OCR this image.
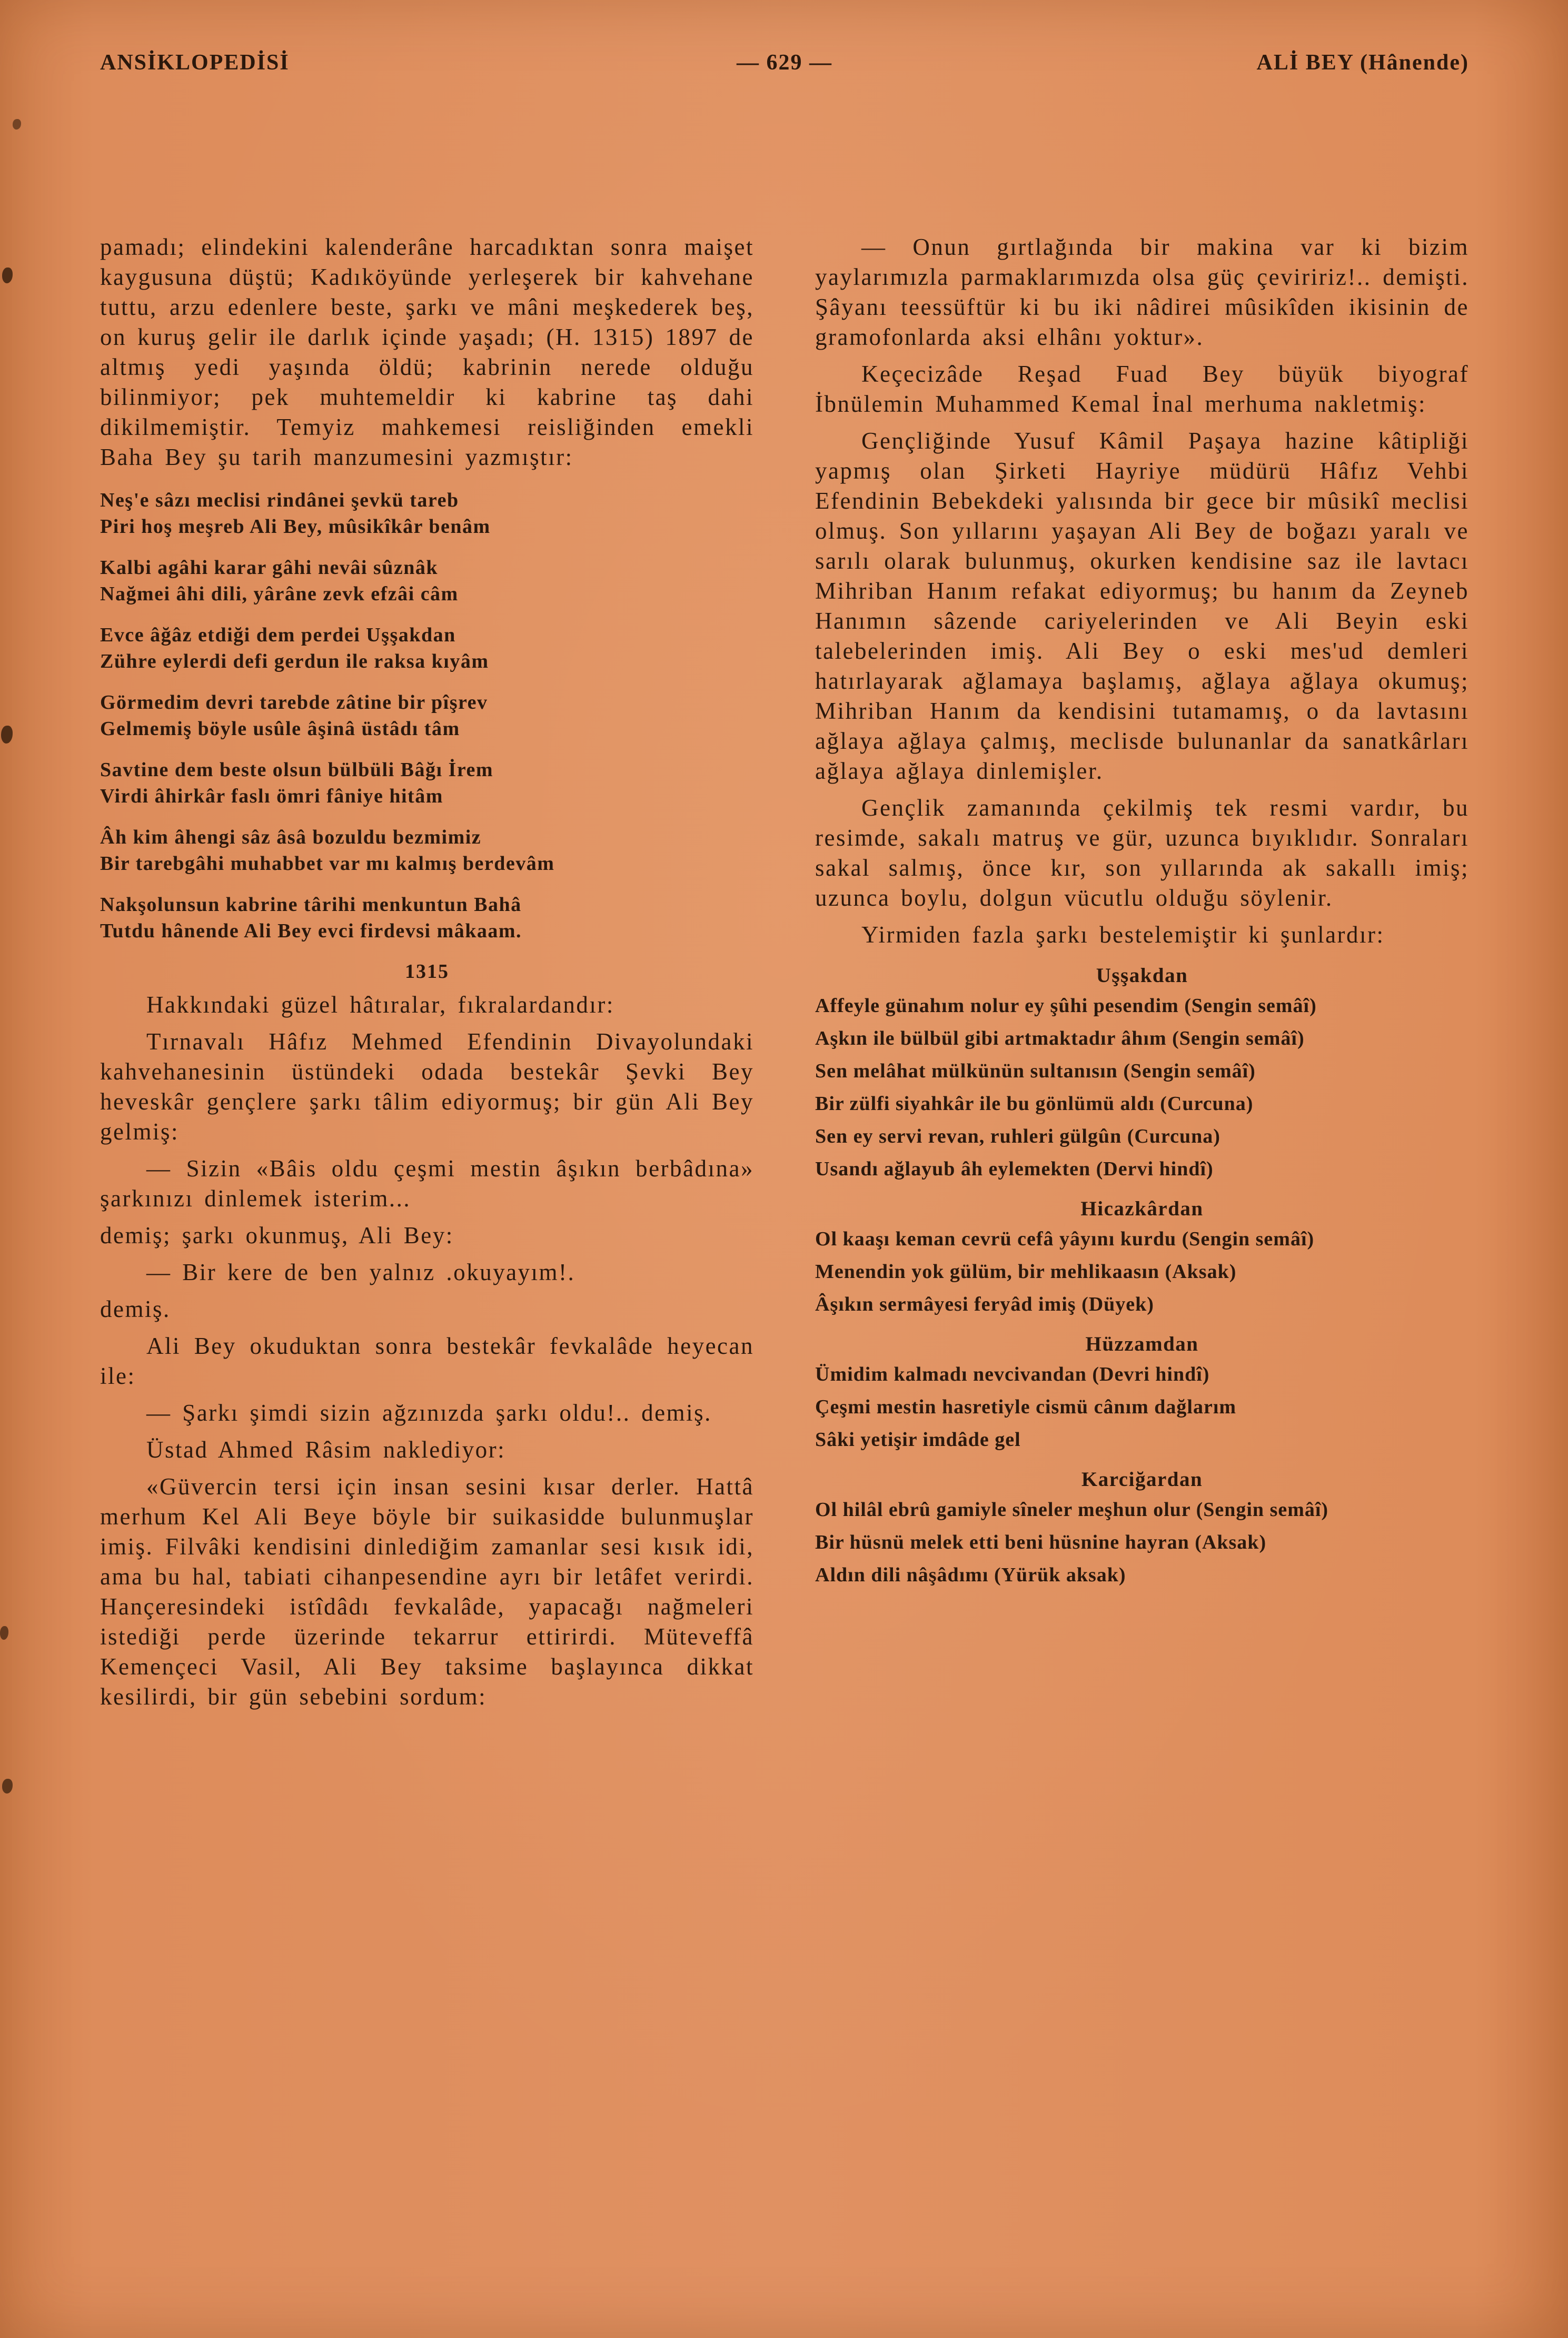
ANSİKLOPEDİSİ	— 629 —	ALİ BEY (Hânende)
pamadı; elindekini kalenderâne harcadıktan sonra maişet kaygusuna düştü; Kadıköyünde yerleşerek bir kahvehane tuttu, arzu edenlere beste, şarkı ve mâni meşkederek beş, on kuruş gelir ile darlık içinde yaşadı; (H. 1315) 1897 de altmış yedi yaşında öldü; kabrinin nerede olduğu bilinmiyor; pek muhtemeldir ki kabrine taş dahi dikilmemiştir. Temyiz mahkemesi reisliğinden emekli Baha Bey şu tarih manzumesini yazmıştır:
Neş'e sâzı meclisi rindânei şevkü tareb
Piri hoş meşreb Ali Bey, mûsikîkâr benâm
Kalbi agâhi karar gâhi nevâi sûznâk
Nağmei âhi dili, yârâne zevk efzâi câm
Evce âğâz etdiği dem perdei Uşşakdan
Zühre eylerdi defi gerdun ile raksa kıyâm
Görmedim devri tarebde zâtine bir pîşrev
Gelmemiş böyle usûle âşinâ üstâdı tâm
Savtine dem beste olsun bülbüli Bâğı İrem
Virdi âhirkâr faslı ömri fâniye hitâm
Âh kim âhengi sâz âsâ bozuldu bezmimiz
Bir tarebgâhi muhabbet var mı kalmış berdevâm
Nakşolunsun kabrine târihi menkuntun Bahâ
Tutdu hânende Ali Bey evci firdevsi mâkaam.
1315
Hakkındaki güzel hâtıralar, fıkralardandır:
Tırnavalı Hâfız Mehmed Efendinin Divayolundaki kahvehanesinin üstündeki odada bestekâr Şevki Bey heveskâr gençlere şarkı tâlim ediyormuş; bir gün Ali Bey gelmiş:
— Sizin «Bâis oldu çeşmi mestin âşıkın berbâdına» şarkınızı dinlemek isterim...
demiş; şarkı okunmuş, Ali Bey:
— Bir kere de ben yalnız .okuyayım!.
demiş.
Ali Bey okuduktan sonra bestekâr fevkalâde heyecan ile:
— Şarkı şimdi sizin ağzınızda şarkı oldu!.. demiş.
Üstad Ahmed Râsim naklediyor:
«Güvercin tersi için insan sesini kısar derler. Hattâ merhum Kel Ali Beye böyle bir suikasidde bulunmuşlar imiş. Filvâki kendisini dinlediğim zamanlar sesi kısık idi, ama bu hal, tabiati cihanpesendine ayrı bir letâfet verirdi. Hançeresindeki istîdâdı fevkalâde, yapacağı nağmeleri istediği perde üzerinde tekarrur ettirirdi. Müteveffâ Kemençeci Vasil, Ali Bey taksime başlayınca dikkat kesilirdi, bir gün sebebini sordum:
— Onun gırtlağında bir makina var ki bizim yaylarımızla parmaklarımızda olsa güç çeviririz!.. demişti. Şâyanı teessüftür ki bu iki nâdirei mûsikîden ikisinin de gramofonlarda aksi elhânı yoktur».
Keçecizâde Reşad Fuad Bey büyük biyograf İbnülemin Muhammed Kemal İnal merhuma nakletmiş:
Gençliğinde Yusuf Kâmil Paşaya hazine kâtipliği yapmış olan Şirketi Hayriye müdürü Hâfız Vehbi Efendinin Bebekdeki yalısında bir gece bir mûsikî meclisi olmuş. Son yıllarını yaşayan Ali Bey de boğazı yaralı ve sarılı olarak bulunmuş, okurken kendisine saz ile lavtacı Mihriban Hanım refakat ediyormuş; bu hanım da Zeyneb Hanımın sâzende cariyelerinden ve Ali Beyin eski talebelerinden imiş. Ali Bey o eski mes'ud demleri hatırlayarak ağlamaya başlamış, ağlaya ağlaya okumuş; Mihriban Hanım da kendisini tutamamış, o da lavtasını ağlaya ağlaya çalmış, meclisde bulunanlar da sanatkârları ağlaya ağlaya dinlemişler.
Gençlik zamanında çekilmiş tek resmi vardır, bu resimde, sakalı matruş ve gür, uzunca bıyıklıdır. Sonraları sakal salmış, önce kır, son yıllarında ak sakallı imiş; uzunca boylu, dolgun vücutlu olduğu söylenir.
Yirmiden fazla şarkı bestelemiştir ki şunlardır:
Uşşakdan
Affeyle günahım nolur ey şûhi pesendim (Sengin semâî)
Aşkın ile bülbül gibi artmaktadır âhım (Sengin semâî)
Sen melâhat mülkünün sultanısın (Sengin semâî)
Bir zülfi siyahkâr ile bu gönlümü aldı (Curcuna)
Sen ey servi revan, ruhleri gülgûn (Curcuna)
Usandı ağlayub âh eylemekten (Dervi hindî)
Hicazkârdan
Ol kaaşı keman cevrü cefâ yâyını kurdu (Sengin semâî)
Menendin yok gülüm, bir mehlikaasın (Aksak)
Âşıkın sermâyesi feryâd imiş (Düyek)
Hüzzamdan
Ümidim kalmadı nevcivandan (Devri hindî)
Çeşmi mestin hasretiyle cismü cânım dağlarım
Sâki yetişir imdâde gel
Karciğardan
Ol hilâl ebrû gamiyle sîneler meşhun olur (Sengin semâî)
Bir hüsnü melek etti beni hüsnine hayran (Aksak)
Aldın dili nâşâdımı (Yürük aksak)
